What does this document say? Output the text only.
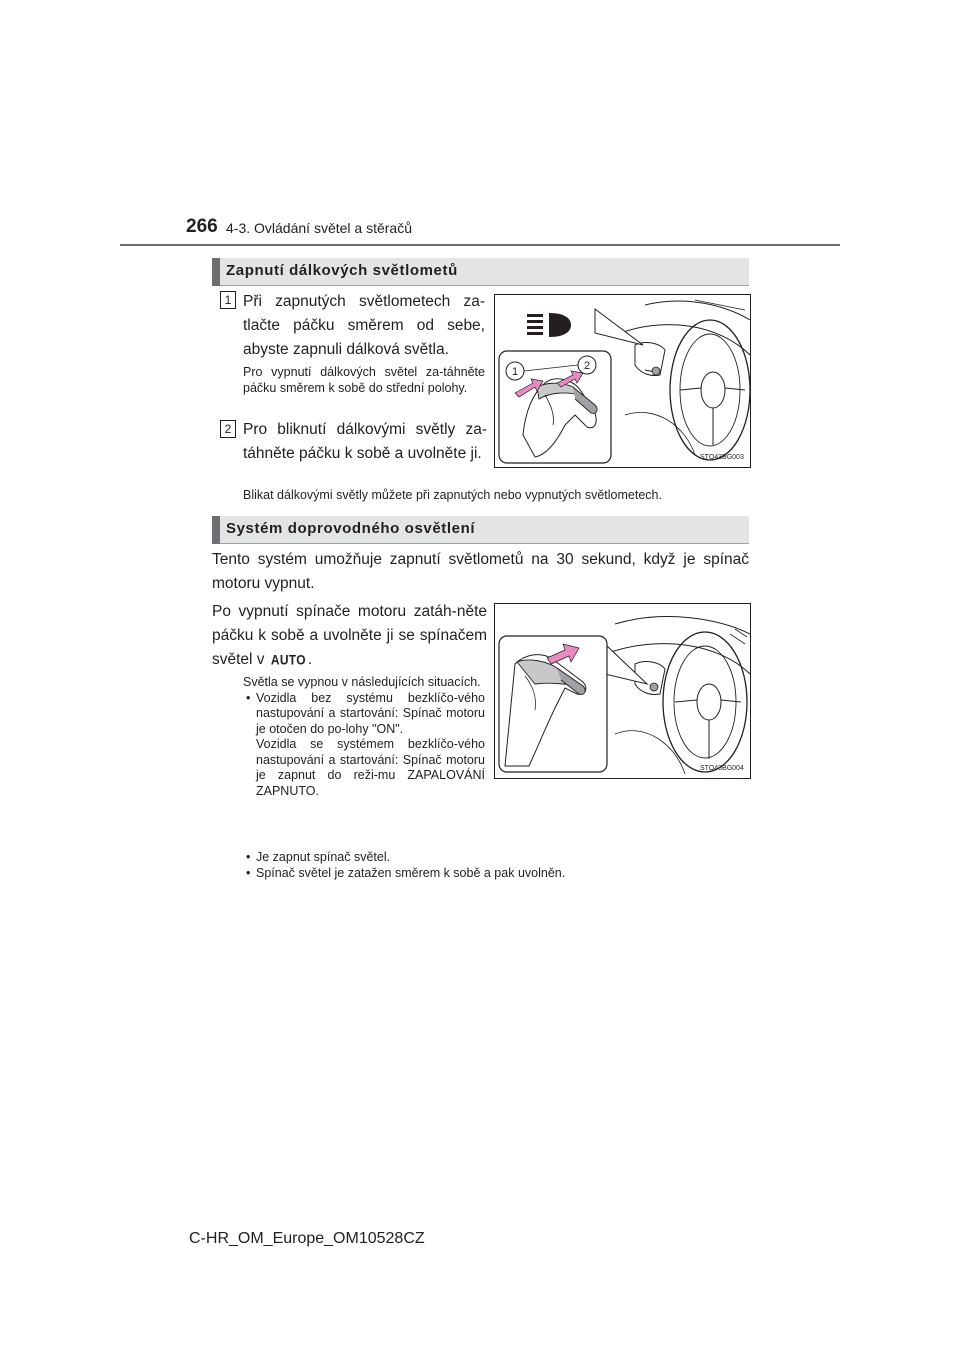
266 4-3. Ovládání světel a stěračů
Zapnutí dálkových světlometů
1 Při zapnutých světlometech za-tlačte páčku směrem od sebe, abyste zapnuli dálková světla.
Pro vypnutí dálkových světel za-táhněte páčku směrem k sobě do střední polohy.
2 Pro bliknutí dálkovými světly za-táhněte páčku k sobě a uvolněte ji.
1	2
STO43BG003
Blikat dálkovými světly můžete při zapnutých nebo vypnutých světlometech.
Systém doprovodného osvětlení
Tento systém umožňuje zapnutí světlometů na 30 sekund, když je spínač motoru vypnut.
Po vypnutí spínače motoru zatáh-něte páčku k sobě a uvolněte ji se spínačem světel v AUTO .
Světla se vypnou v následujících situacích.
• Vozidla bez systému bezklíčo-vého nastupování a startování: Spínač motoru je otočen do po-lohy "ON".
Vozidla se systémem bezklíčo-vého nastupování a startování: Spínač motoru je zapnut do reži-mu ZAPALOVÁNÍ ZAPNUTO.
• Je zapnut spínač světel.
• Spínač světel je zatažen směrem k sobě a pak uvolněn.
STO43BG004
C-HR_OM_Europe_OM10528CZ
